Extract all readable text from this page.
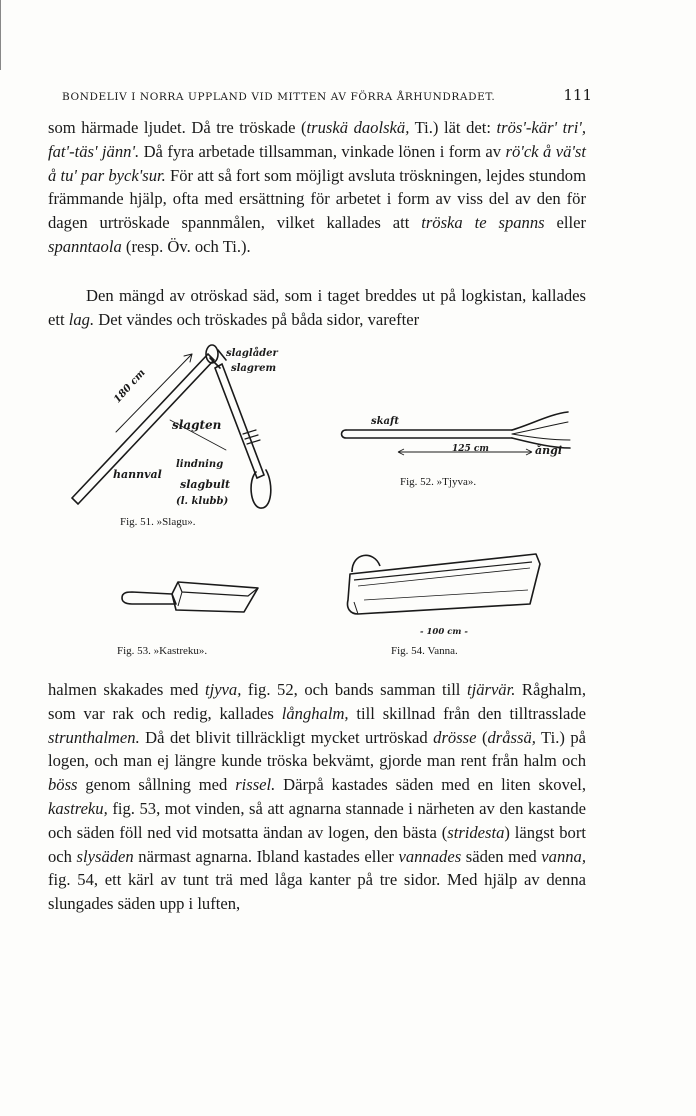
BONDELIV I NORRA UPPLAND VID MITTEN AV FÖRRA ÅRHUNDRADET.	111

som härmade ljudet. Då tre tröskade (truskä daolskä, Ti.) lät det: trös'-kär' tri', fat'-täs' jänn'. Då fyra arbetade tillsamman, vinkade lönen i form av rö'ck å vä'st å tu' par byck'sur. För att så fort som möjligt avsluta tröskningen, lejdes stundom främmande hjälp, ofta med ersättning för arbetet i form av viss del av den för dagen urtröskade spannmålen, vilket kallades att tröska te spanns eller spanntaola (resp. Öv. och Ti.).

Den mängd av otröskad säd, som i taget breddes ut på logkistan, kallades ett lag. Det vändes och tröskades på båda sidor, varefter

slaglåder
slagrem
180 cm
slagten
hannval
lindning
slagbult
(l. klubb)
Fig. 51. »Slagu».
skaft
125 cm	ångi
Fig. 52. »Tjyva».
Fig. 53. »Kastreku».
- 100 cm -
Fig. 54. Vanna.

halmen skakades med tjyva, fig. 52, och bands samman till tjärvär. Råghalm, som var rak och redig, kallades långhalm, till skillnad från den tilltrasslade strunthalmen. Då det blivit tillräckligt mycket urtröskad drösse (dråssä, Ti.) på logen, och man ej längre kunde tröska bekvämt, gjorde man rent från halm och böss genom sållning med rissel. Därpå kastades säden med en liten skovel, kastreku, fig. 53, mot vinden, så att agnarna stannade i närheten av den kastande och säden föll ned vid motsatta ändan av logen, den bästa (stridesta) längst bort och slysäden närmast agnarna. Ibland kastades eller vannades säden med vanna, fig. 54, ett kärl av tunt trä med låga kanter på tre sidor. Med hjälp av denna slungades säden upp i luften,
